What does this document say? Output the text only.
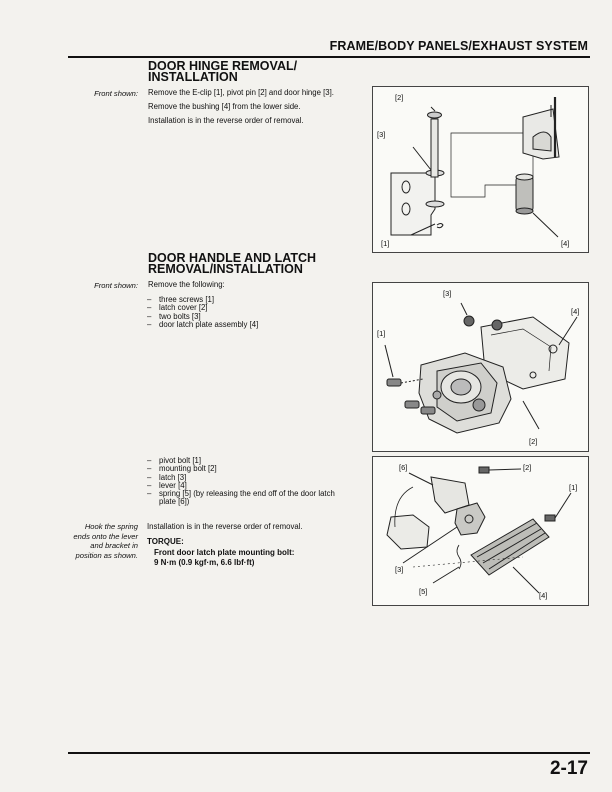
FRAME/BODY PANELS/EXHAUST SYSTEM
DOOR HINGE REMOVAL/
INSTALLATION
Front shown: Remove the E-clip [1], pivot pin [2] and door hinge [3].
Remove the bushing [4] from the lower side.
Installation is in the reverse order of removal.
[2]
[3]
[1]	[4]
DOOR HANDLE AND LATCH
REMOVAL/INSTALLATION
Front shown: Remove the following:
– three screws [1]
– latch cover [2]
– two bolts [3]
– door latch plate assembly [4]
[3]
[4]
[1]
[2]
– pivot bolt [1]
– mounting bolt [2]
– latch [3]
– lever [4]
– spring [5] (by releasing the end off of the door latch
plate [6])
Hook the spring
ends onto the lever
and bracket in
position as shown.
Installation is in the reverse order of removal.
TORQUE:
Front door latch plate mounting bolt:
9 N·m (0.9 kgf·m, 6.6 lbf·ft)
[6]	[2]
[1]
[3]
[5]	[4]
2-17
